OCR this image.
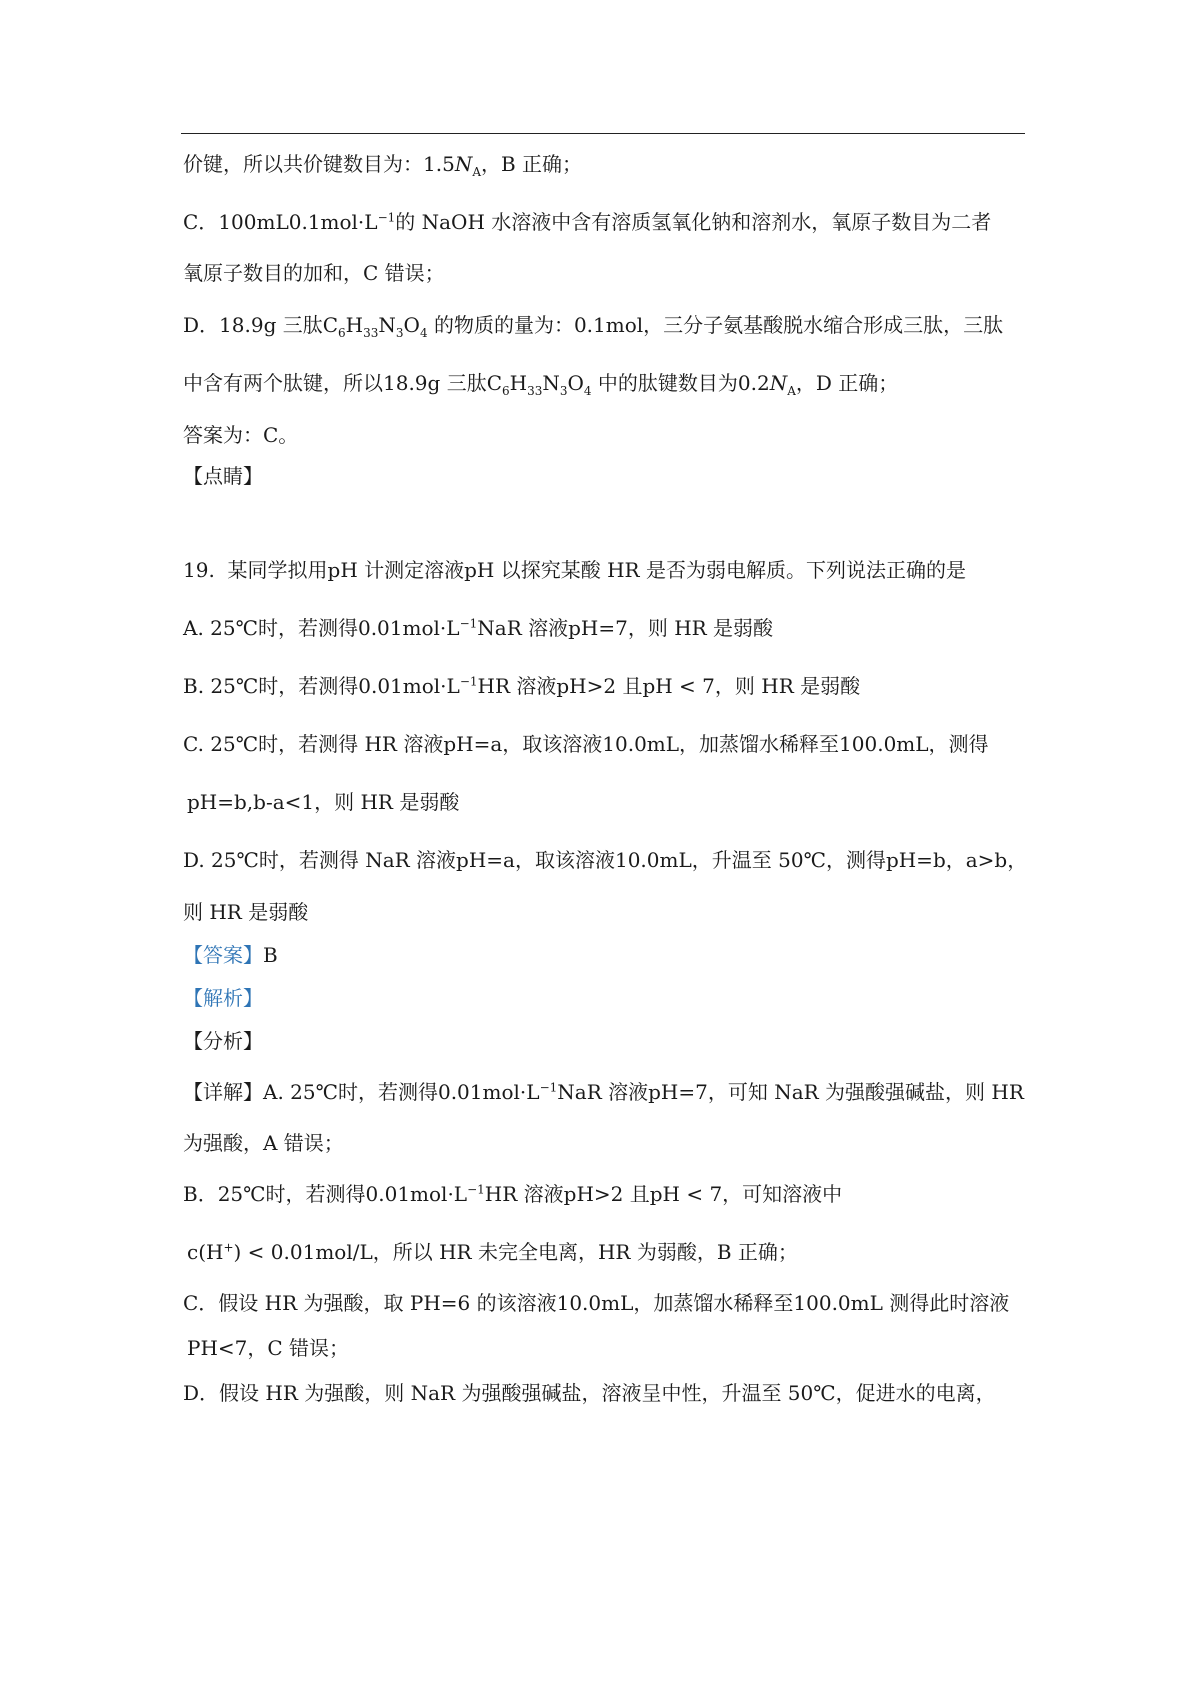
价键，所以共价键数目为：$1.5N_A$，B 正确；
C．$100mL0.1mol\cdot L^{-1}$的 NaOH 水溶液中含有溶质氢氧化钠和溶剂水，氧原子数目为二者
氧原子数目的加和，C 错误；
D．18.9g 三肽$C_6H_{33}N_3O_4$ 的物质的量为：0.1mol，三分子氨基酸脱水缩合形成三肽，三肽
中含有两个肽键，所以18.9g 三肽$C_6H_{33}N_3O_4$ 中的肽键数目为$0.2N_A$，D 正确；
答案为：C。
【点睛】
19.  某同学拟用pH 计测定溶液pH 以探究某酸 HR 是否为弱电解质。下列说法正确的是
A. 25℃时，若测得$0.01mol\cdot L^{-1}NaR$ 溶液pH=7，则 HR 是弱酸
B. 25℃时，若测得$0.01mol\cdot L^{-1}HR$ 溶液pH>2 且pH < 7，则 HR 是弱酸
C. 25℃时，若测得 HR 溶液pH=a，取该溶液10.0mL，加蒸馏水稀释至100.0mL，测得
pH=b,b-a<1，则 HR 是弱酸
D. 25℃时，若测得 NaR 溶液pH=a，取该溶液10.0mL，升温至 50℃，测得pH=b，a>b，
则 HR 是弱酸
【答案】B
【解析】
【分析】
【详解】A. 25℃时，若测得$0.01mol\cdot L^{-1}NaR$ 溶液pH=7，可知 NaR 为强酸强碱盐，则 HR
为强酸，A 错误；
B．25℃时，若测得$0.01mol\cdot L^{-1}HR$ 溶液pH>2 且pH < 7，可知溶液中
c(H+) < 0.01mol/L，所以 HR 未完全电离，HR 为弱酸，B 正确；
C．假设 HR 为强酸，取 PH=6 的该溶液10.0mL，加蒸馏水稀释至100.0mL 测得此时溶液
PH<7，C 错误；
D．假设 HR 为强酸，则 NaR 为强酸强碱盐，溶液呈中性，升温至 50℃，促进水的电离，
